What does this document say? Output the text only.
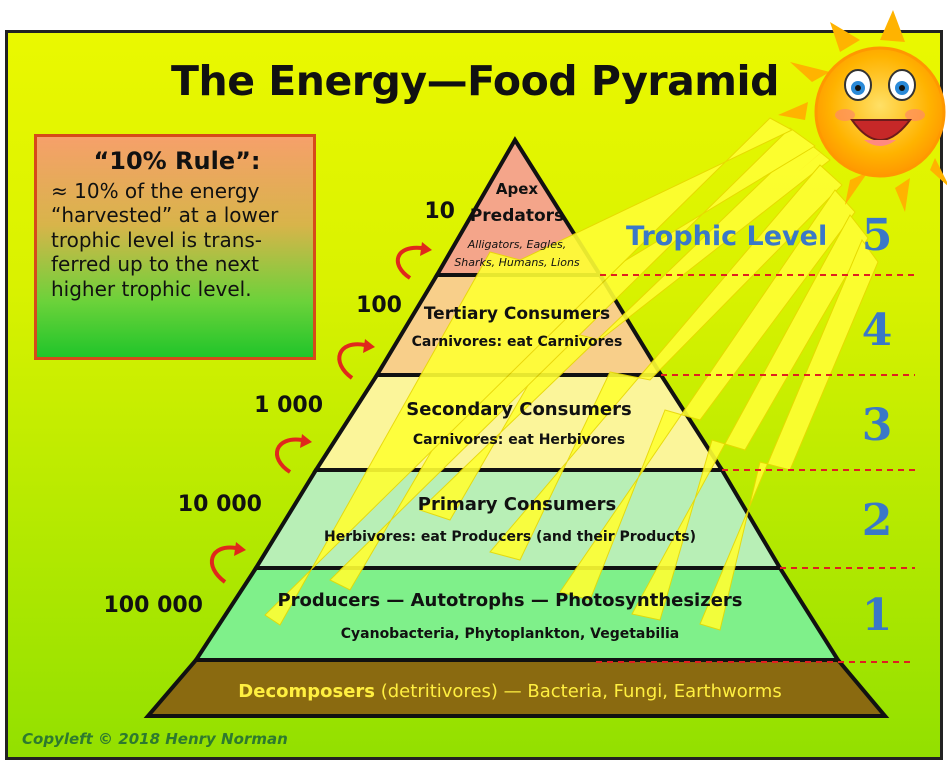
Apex
Predators
Alligators, Eagles,
Sharks, Humans, Lions
Tertiary Consumers
Carnivores: eat Carnivores
Secondary Consumers
Carnivores: eat Herbivores
Primary Consumers
Herbivores: eat Producers (and their Products)
Producers — Autotrophs — Photosynthesizers
Cyanobacteria, Phytoplankton, Vegetabilia
Decomposers (detritivores) — Bacteria, Fungi, Earthworms
10
100
1 000
10 000
100 000
Trophic Level 5
4
3
2
1
The Energy—Food Pyramid
“10% Rule”:
≈ 10% of the energy “harvested” at a lower trophic level is trans-ferred up to the next higher trophic level.
Copyleft © 2018 Henry Norman
